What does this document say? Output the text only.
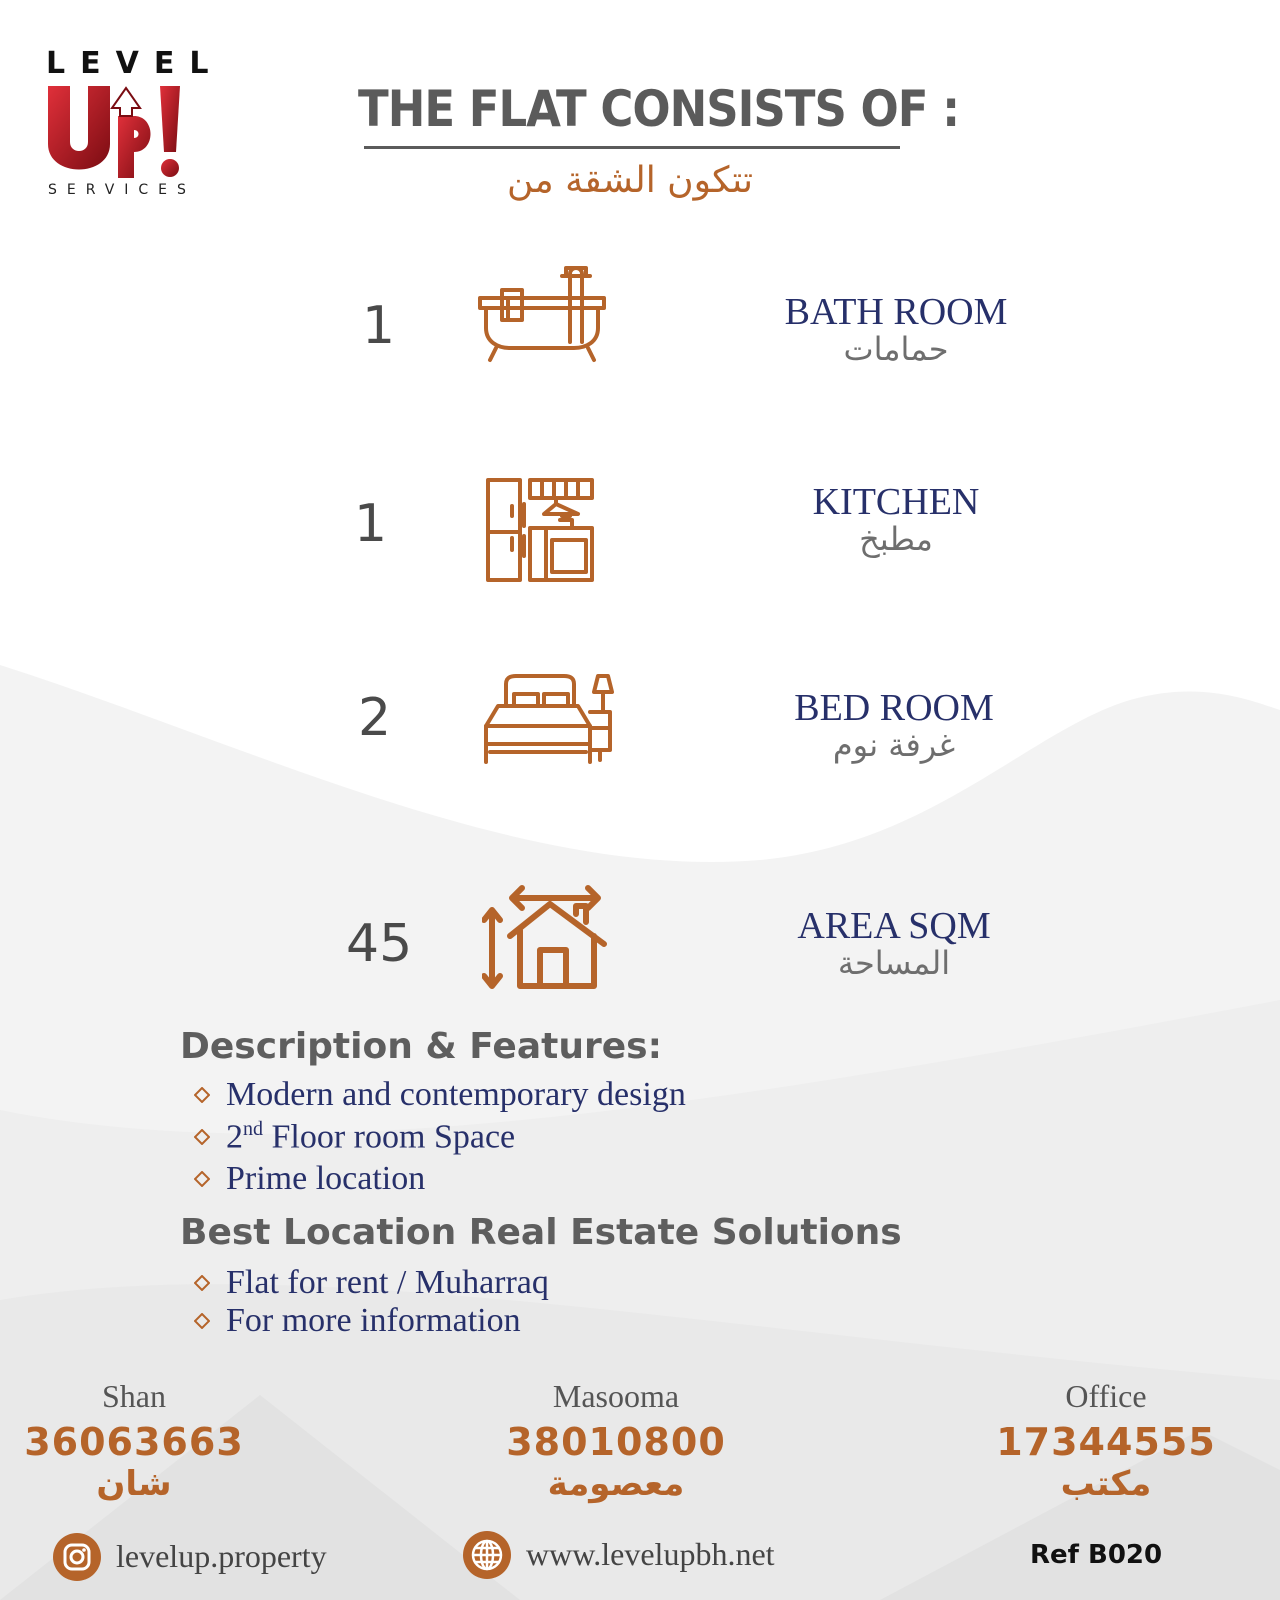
LEVEL
SERVICES
THE FLAT CONSISTS OF :
تتكون الشقة من
1	BATH ROOM
حمامات
1	KITCHEN
مطبخ
2	BED ROOM
غرفة نوم
45	AREA SQM
المساحة
Description & Features:
Modern and contemporary design
2nd Floor room Space
Prime location
Best Location Real Estate Solutions
Flat for rent / Muharraq
For more information
Shan
36063663
شان
Masooma
38010800
معصومة
Office
17344555
مكتب
levelup.property	www.levelupbh.net	Ref B020
